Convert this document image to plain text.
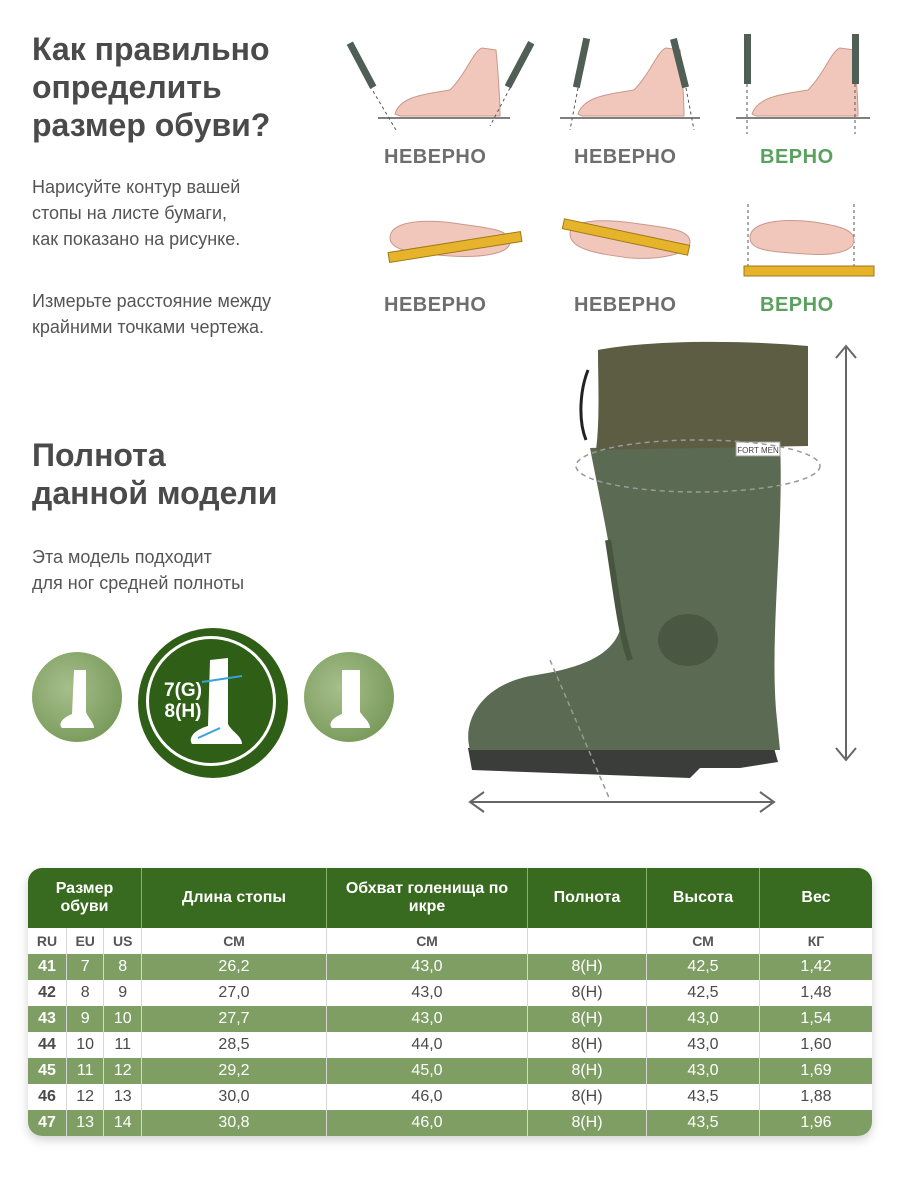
Как правильно
определить
размер обуви?
Нарисуйте контур вашей
стопы на листе бумаги,
как показано на рисунке.
Измерьте расстояние между
крайними точками чертежа.
НЕВЕРНО	НЕВЕРНО	ВЕРНО
НЕВЕРНО	НЕВЕРНО	ВЕРНО
Полнота
данной модели
Эта модель подходит
для ног средней полноты
7(G)
8(H)
FORT MEN
Размер обуви			Длина стопы	Обхват голенища по икре	Полнота	Высота	Вес
RU	EU	US	СМ	СМ		СМ	КГ
41	7	8	26,2	43,0	8(H)	42,5	1,42
42	8	9	27,0	43,0	8(H)	42,5	1,48
43	9	10	27,7	43,0	8(H)	43,0	1,54
44	10	11	28,5	44,0	8(H)	43,0	1,60
45	11	12	29,2	45,0	8(H)	43,0	1,69
46	12	13	30,0	46,0	8(H)	43,5	1,88
47	13	14	30,8	46,0	8(H)	43,5	1,96
